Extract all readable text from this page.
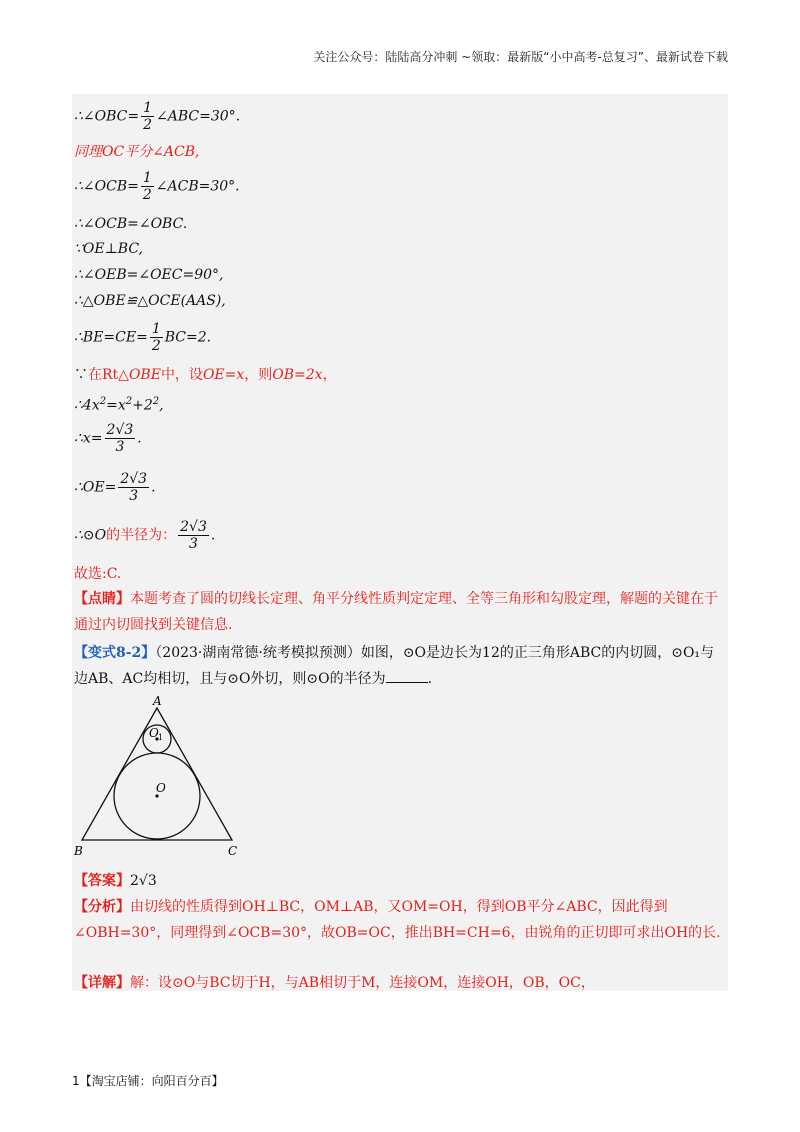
关注公众号：陆陆高分冲刺 ~领取：最新版“小中高考-总复习”、最新试卷下载
∴∠OBC= $\frac{1}{2}$ ∠ABC=30°.
同理OC平分∠ACB,
∴∠OCB= $\frac{1}{2}$ ∠ACB=30°.
∴∠OCB=∠OBC.
∵OE⊥BC,
∴∠OEB=∠OEC=90°,
∴△OBE≌△OCE(AAS),
∴BE=CE= $\frac{1}{2} BC=2$.
∵在Rt△OBE中，设OE=x，则OB=2x，
$\therefore 4x^2=x^2+2^2$,
∴x= $\frac{2√3}{3}$ .
∴OE= $\frac{2√3}{3}$ .
∴⊙O的半径为： $\frac{2√3}{3}$ .
故选:C.
【点睛】本题考查了圆的切线长定理、角平分线性质判定定理、全等三角形和勾股定理，解题的关键在于通过内切圆找到关键信息.
【变式8-2】（2023·湖南常德·统考模拟预测）如图，⊙O是边长为12的正三角形ABC的内切圆，⊙O₁与边AB、AC均相切，且与⊙O外切，则⊙O的半径为	.
A
B	C
O
O 1
【答案】2√3
【分析】由切线的性质得到OH⊥BC，OM⊥AB，又OM=OH，得到OB平分∠ABC，因此得到∠OBH=30°，同理得到∠OCB=30°，故OB=OC，推出BH=CH=6，由锐角的正切即可求出OH的长.
【详解】解：设⊙O与BC切于H，与AB相切于M，连接OM，连接OH，OB，OC，
1【淘宝店铺：向阳百分百】
